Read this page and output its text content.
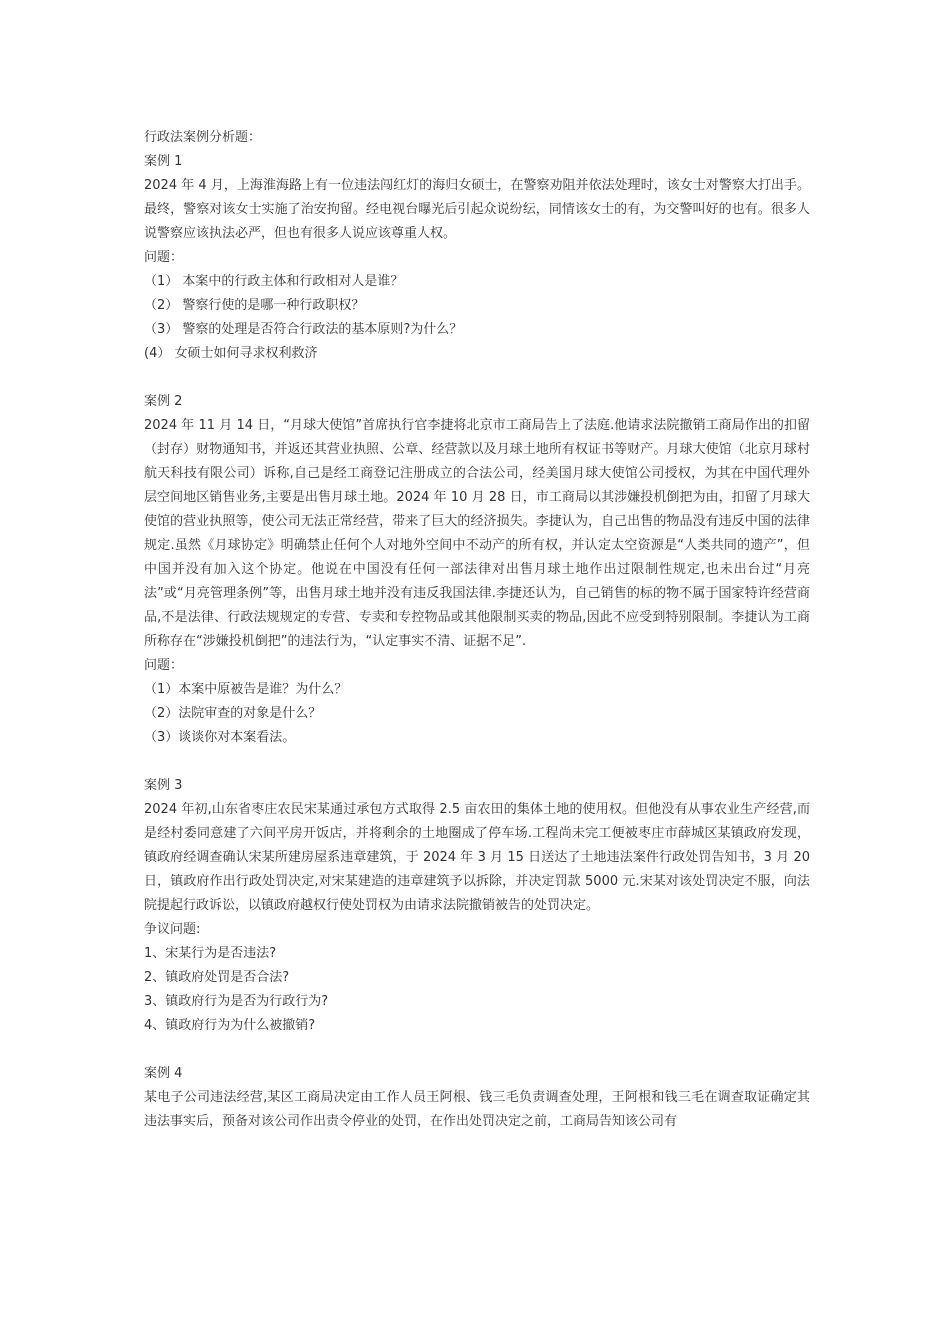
行政法案例分析题：
案例 1

2024 年 4 月，上海淮海路上有一位违法闯红灯的海归女硕士，在警察劝阻并依法处理时，该女士对警察大打出手。最终，警察对该女士实施了治安拘留。经电视台曝光后引起众说纷纭，同情该女士的有，为交警叫好的也有。很多人说警察应该执法必严，但也有很多人说应该尊重人权。

问题：
（1） 本案中的行政主体和行政相对人是谁？
（2） 警察行使的是哪一种行政职权？
（3） 警察的处理是否符合行政法的基本原则?为什么？
(4） 女硕士如何寻求权利救济
案例 2

2024 年 11 月 14 日，“月球大使馆”首席执行官李捷将北京市工商局告上了法庭.他请求法院撤销工商局作出的扣留（封存）财物通知书，并返还其营业执照、公章、经营款以及月球土地所有权证书等财产。月球大使馆（北京月球村航天科技有限公司）诉称,自己是经工商登记注册成立的合法公司，经美国月球大使馆公司授权，为其在中国代理外层空间地区销售业务,主要是出售月球土地。2024 年 10 月 28 日，市工商局以其涉嫌投机倒把为由，扣留了月球大使馆的营业执照等，使公司无法正常经营，带来了巨大的经济损失。李捷认为，自己出售的物品没有违反中国的法律规定.虽然《月球协定》明确禁止任何个人对地外空间中不动产的所有权，并认定太空资源是“人类共同的遗产”，但中国并没有加入这个协定。他说在中国没有任何一部法律对出售月球土地作出过限制性规定,也未出台过“月亮法”或“月亮管理条例”等，出售月球土地并没有违反我国法律.李捷还认为，自己销售的标的物不属于国家特许经营商品,不是法律、行政法规规定的专营、专卖和专控物品或其他限制买卖的物品,因此不应受到特别限制。李捷认为工商所称存在“涉嫌投机倒把”的违法行为，“认定事实不清、证据不足”.

问题：
（1）本案中原被告是谁？为什么？
（2）法院审查的对象是什么？
（3）谈谈你对本案看法。
案例 3

2024 年初,山东省枣庄农民宋某通过承包方式取得 2.5 亩农田的集体土地的使用权。但他没有从事农业生产经营,而是经村委同意建了六间平房开饭店，并将剩余的土地圈成了停车场.工程尚未完工便被枣庄市薛城区某镇政府发现，镇政府经调查确认宋某所建房屋系违章建筑，于 2024 年 3 月 15 日送达了土地违法案件行政处罚告知书，3 月 20 日，镇政府作出行政处罚决定,对宋某建造的违章建筑予以拆除，并决定罚款 5000 元.宋某对该处罚决定不服，向法院提起行政诉讼，以镇政府越权行使处罚权为由请求法院撤销被告的处罚决定。

争议问题:
1、宋某行为是否违法?
2、镇政府处罚是否合法?
3、镇政府行为是否为行政行为?
4、镇政府行为为什么被撤销?
案例 4

某电子公司违法经营,某区工商局决定由工作人员王阿根、钱三毛负责调查处理，王阿根和钱三毛在调查取证确定其违法事实后，预备对该公司作出责令停业的处罚，在作出处罚决定之前，工商局告知该公司有
